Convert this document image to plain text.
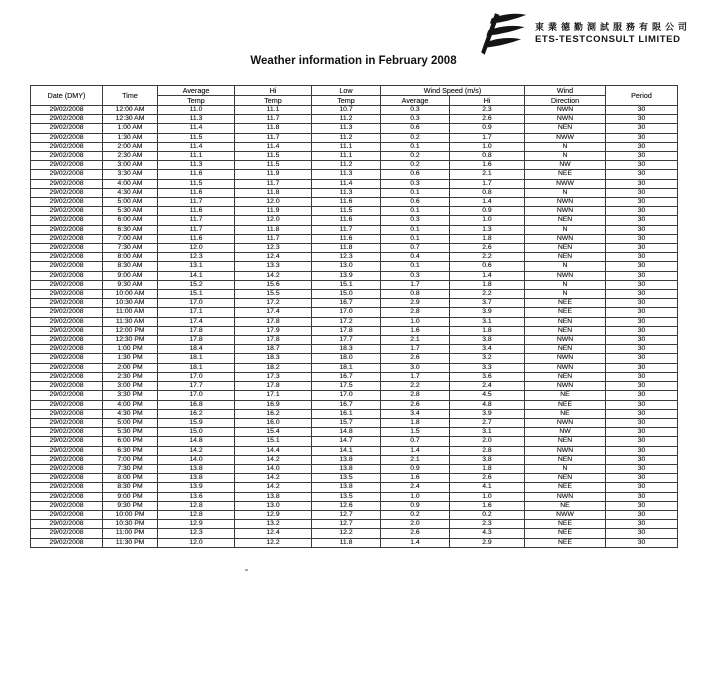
東業德勤測試服務有限公司
ETS-TESTCONSULT LIMITED
Weather information in February 2008
Date (DMY)	Time	Average	Hi	Low	Wind Speed (m/s)		Wind	Period
		Temp	Temp	Temp	Average	Hi	Direction	
29/02/2008	12:00 AM	11.0	11.1	10.7	0.3	2.3	NWN	30
29/02/2008	12:30 AM	11.3	11.7	11.2	0.3	2.6	NWN	30
29/02/2008	1:00 AM	11.4	11.8	11.3	0.6	0.9	NEN	30
29/02/2008	1:30 AM	11.5	11.7	11.2	0.2	1.7	NWW	30
29/02/2008	2:00 AM	11.4	11.4	11.1	0.1	1.0	N	30
29/02/2008	2:30 AM	11.1	11.5	11.1	0.2	0.8	N	30
29/02/2008	3:00 AM	11.3	11.5	11.2	0.2	1.6	NW	30
29/02/2008	3:30 AM	11.6	11.9	11.3	0.6	2.1	NEE	30
29/02/2008	4:00 AM	11.5	11.7	11.4	0.3	1.7	NWW	30
29/02/2008	4:30 AM	11.6	11.8	11.3	0.1	0.8	N	30
29/02/2008	5:00 AM	11.7	12.0	11.6	0.6	1.4	NWN	30
29/02/2008	5:30 AM	11.6	11.9	11.5	0.1	0.9	NWN	30
29/02/2008	6:00 AM	11.7	12.0	11.6	0.3	1.0	NEN	30
29/02/2008	6:30 AM	11.7	11.8	11.7	0.1	1.3	N	30
29/02/2008	7:00 AM	11.6	11.7	11.6	0.1	1.8	NWN	30
29/02/2008	7:30 AM	12.0	12.3	11.8	0.7	2.6	NEN	30
29/02/2008	8:00 AM	12.3	12.4	12.3	0.4	2.2	NEN	30
29/02/2008	8:30 AM	13.1	13.3	13.0	0.1	0.6	N	30
29/02/2008	9:00 AM	14.1	14.2	13.9	0.3	1.4	NWN	30
29/02/2008	9:30 AM	15.2	15.6	15.1	1.7	1.8	N	30
29/02/2008	10:00 AM	15.1	15.5	15.0	0.8	2.2	N	30
29/02/2008	10:30 AM	17.0	17.2	16.7	2.9	3.7	NEE	30
29/02/2008	11:00 AM	17.1	17.4	17.0	2.8	3.9	NEE	30
29/02/2008	11:30 AM	17.4	17.8	17.2	1.0	3.1	NEN	30
29/02/2008	12:00 PM	17.8	17.9	17.8	1.6	1.8	NEN	30
29/02/2008	12:30 PM	17.8	17.8	17.7	2.1	3.8	NWN	30
29/02/2008	1:00 PM	18.4	18.7	18.3	1.7	3.4	NEN	30
29/02/2008	1:30 PM	18.1	18.3	18.0	2.6	3.2	NWN	30
29/02/2008	2:00 PM	18.1	18.2	18.1	3.0	3.3	NWN	30
29/02/2008	2:30 PM	17.0	17.3	16.7	1.7	3.6	NEN	30
29/02/2008	3:00 PM	17.7	17.8	17.5	2.2	2.4	NWN	30
29/02/2008	3:30 PM	17.0	17.1	17.0	2.8	4.5	NE	30
29/02/2008	4:00 PM	16.8	16.9	16.7	2.6	4.8	NEE	30
29/02/2008	4:30 PM	16.2	16.2	16.1	3.4	3.9	NE	30
29/02/2008	5:00 PM	15.9	16.0	15.7	1.8	2.7	NWN	30
29/02/2008	5:30 PM	15.0	15.4	14.8	1.5	3.1	NW	30
29/02/2008	6:00 PM	14.8	15.1	14.7	0.7	2.0	NEN	30
29/02/2008	6:30 PM	14.2	14.4	14.1	1.4	2.8	NWN	30
29/02/2008	7:00 PM	14.0	14.2	13.8	2.1	3.8	NEN	30
29/02/2008	7:30 PM	13.8	14.0	13.8	0.9	1.8	N	30
29/02/2008	8:00 PM	13.8	14.2	13.5	1.6	2.6	NEN	30
29/02/2008	8:30 PM	13.9	14.2	13.8	2.4	4.1	NEE	30
29/02/2008	9:00 PM	13.6	13.8	13.5	1.0	1.0	NWN	30
29/02/2008	9:30 PM	12.8	13.0	12.6	0.9	1.6	NE	30
29/02/2008	10:00 PM	12.8	12.9	12.7	0.2	0.2	NWW	30
29/02/2008	10:30 PM	12.9	13.2	12.7	2.0	2.3	NEE	30
29/02/2008	11:00 PM	12.3	12.4	12.2	2.6	4.3	NEE	30
29/02/2008	11:30 PM	12.0	12.2	11.8	1.4	2.9	NEE	30
